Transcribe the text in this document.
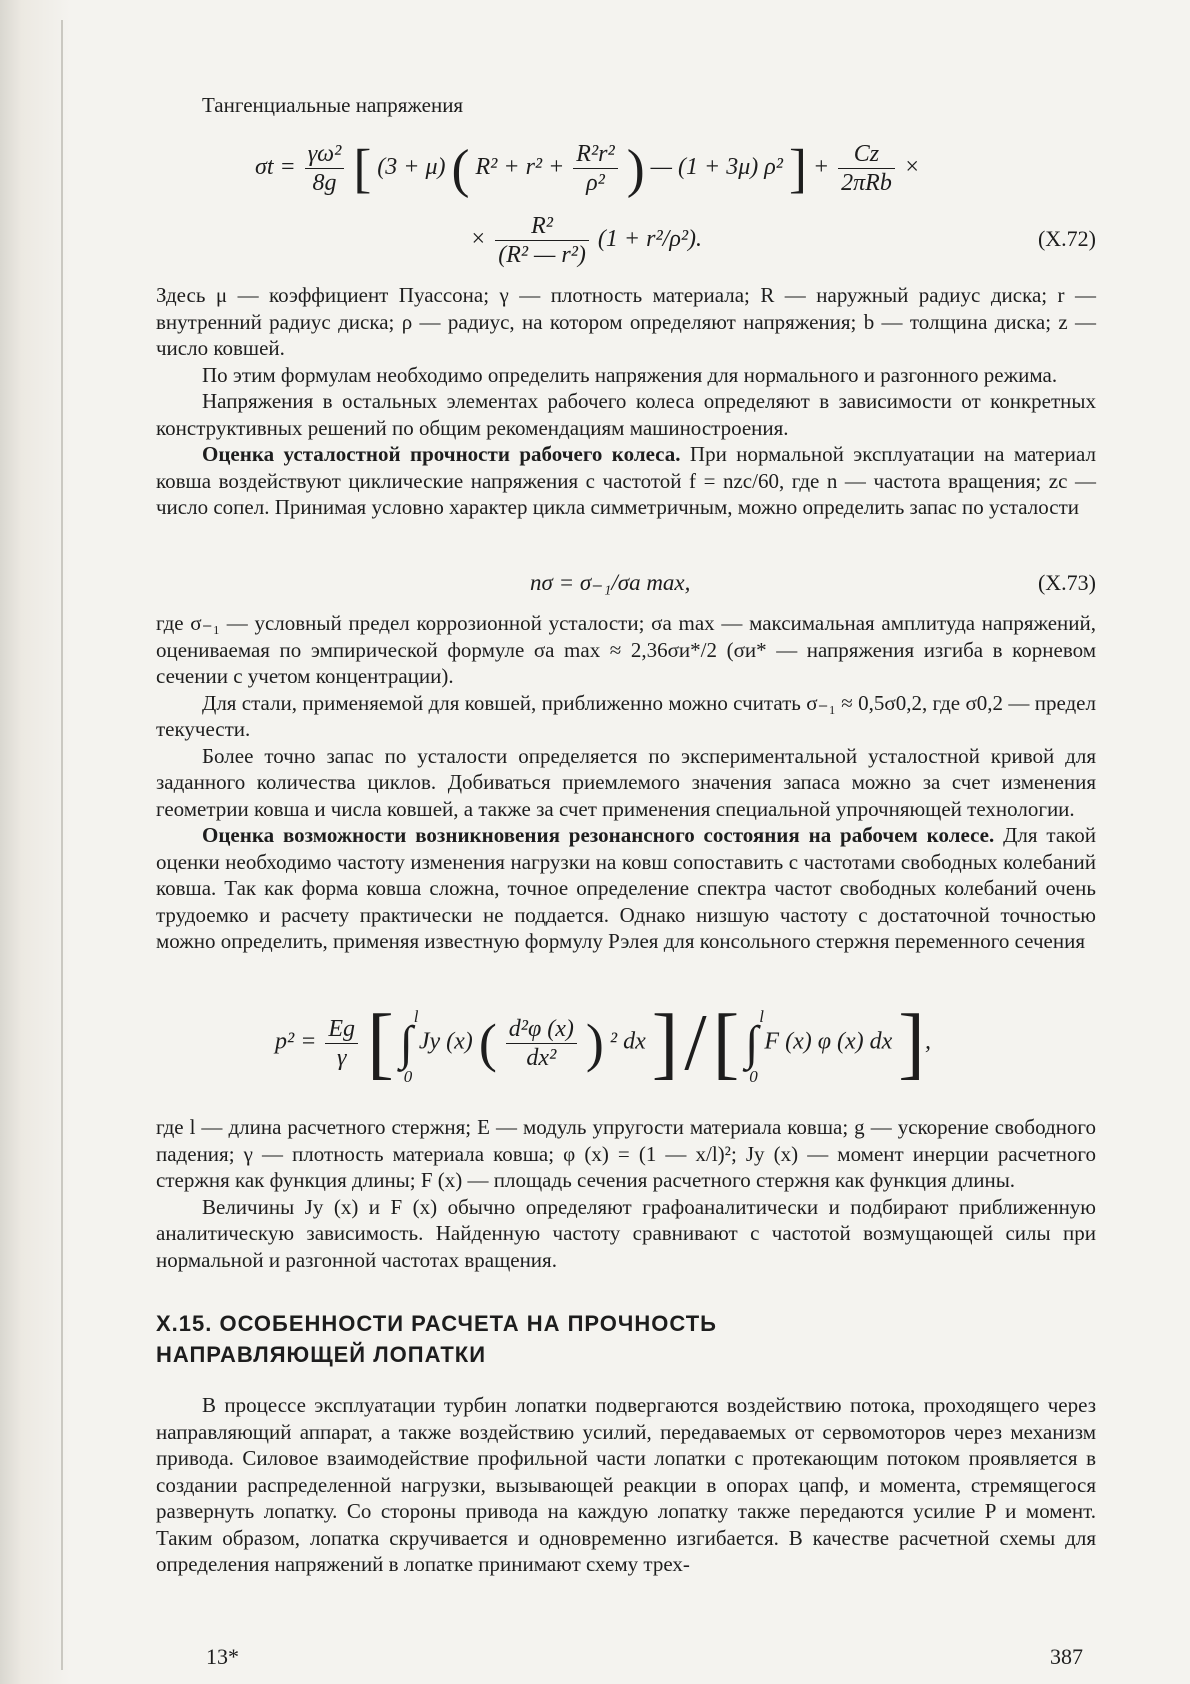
Тангенциальные напряжения

$\sigma t = \frac{\text{γω²}}{8g}$ [ (3 + μ) ( $R^2 + r^2 + \frac{\text{R²r²}}{\text{ρ²}}$ ) — (1 + 3μ) ρ² ] + $\frac{Cz}{\text{2πRb}}$ ×
× $\frac{\text{R²}}{\text{(R² — r²)}} (1 + r^2/\rho^2)$.	(X.72)

Здесь μ — коэффициент Пуассона; γ — плотность материала; R — наружный радиус диска; r — внутренний радиус диска; ρ — радиус, на котором определяют напряжения; b — толщина диска; z — число ковшей.

По этим формулам необходимо определить напряжения для нормального и разгонного режима.

Напряжения в остальных элементах рабочего колеса определяют в зависимости от конкретных конструктивных решений по общим рекомендациям машиностроения.

Оценка усталостной прочности рабочего колеса. При нормальной эксплуатации на материал ковша воздействуют циклические напряжения с частотой f = nzc/60, где n — частота вращения; zc — число сопел. Принимая условно характер цикла симметричным, можно определить запас по усталости

nσ = σ₋₁/σa max,	(X.73)

где σ₋₁ — условный предел коррозионной усталости; σa max — максимальная амплитуда напряжений, оцениваемая по эмпирической формуле σa max ≈ 2,36σи*/2 (σи* — напряжения изгиба в корневом сечении с учетом концентрации).

Для стали, применяемой для ковшей, приближенно можно считать σ₋₁ ≈ 0,5σ0,2, где σ0,2 — предел текучести.

Более точно запас по усталости определяется по экспериментальной усталостной кривой для заданного количества циклов. Добиваться приемлемого значения запаса можно за счет изменения геометрии ковша и числа ковшей, а также за счет применения специальной упрочняющей технологии.

Оценка возможности возникновения резонансного состояния на рабочем колесе. Для такой оценки необходимо частоту изменения нагрузки на ковш сопоставить с частотами свободных колебаний ковша. Так как форма ковша сложна, точное определение спектра частот свободных колебаний очень трудоемко и расчету практически не поддается. Однако низшую частоту с достаточной точностью можно определить, применяя известную формулу Рэлея для консольного стержня переменного сечения

$p^2 = \frac{Eg}{\gamma}$ [ ∫
l
0
Jy (x) ( $\frac{\text{d²φ (x)}}{\text{dx²}}$ ) ² dx ] / [ ∫
l
0
F (x) φ (x) dx ],

где l — длина расчетного стержня; E — модуль упругости материала ковша; g — ускорение свободного падения; γ — плотность материала ковша; φ (x) = (1 — x/l)²; Jy (x) — момент инерции расчетного стержня как функция длины; F (x) — площадь сечения расчетного стержня как функция длины.

Величины Jy (x) и F (x) обычно определяют графоаналитически и подбирают приближенную аналитическую зависимость. Найденную частоту сравнивают с частотой возмущающей силы при нормальной и разгонной частотах вращения.

X.15. ОСОБЕННОСТИ РАСЧЕТА НА ПРОЧНОСТЬ
НАПРАВЛЯЮЩЕЙ ЛОПАТКИ

В процессе эксплуатации турбин лопатки подвергаются воздействию потока, проходящего через направляющий аппарат, а также воздействию усилий, передаваемых от сервомоторов через механизм привода. Силовое взаимодействие профильной части лопатки с протекающим потоком проявляется в создании распределенной нагрузки, вызывающей реакции в опорах цапф, и момента, стремящегося развернуть лопатку. Со стороны привода на каждую лопатку также передаются усилие P и момент. Таким образом, лопатка скручивается и одновременно изгибается. В качестве расчетной схемы для определения напряжений в лопатке принимают схему трех-

13*	387
